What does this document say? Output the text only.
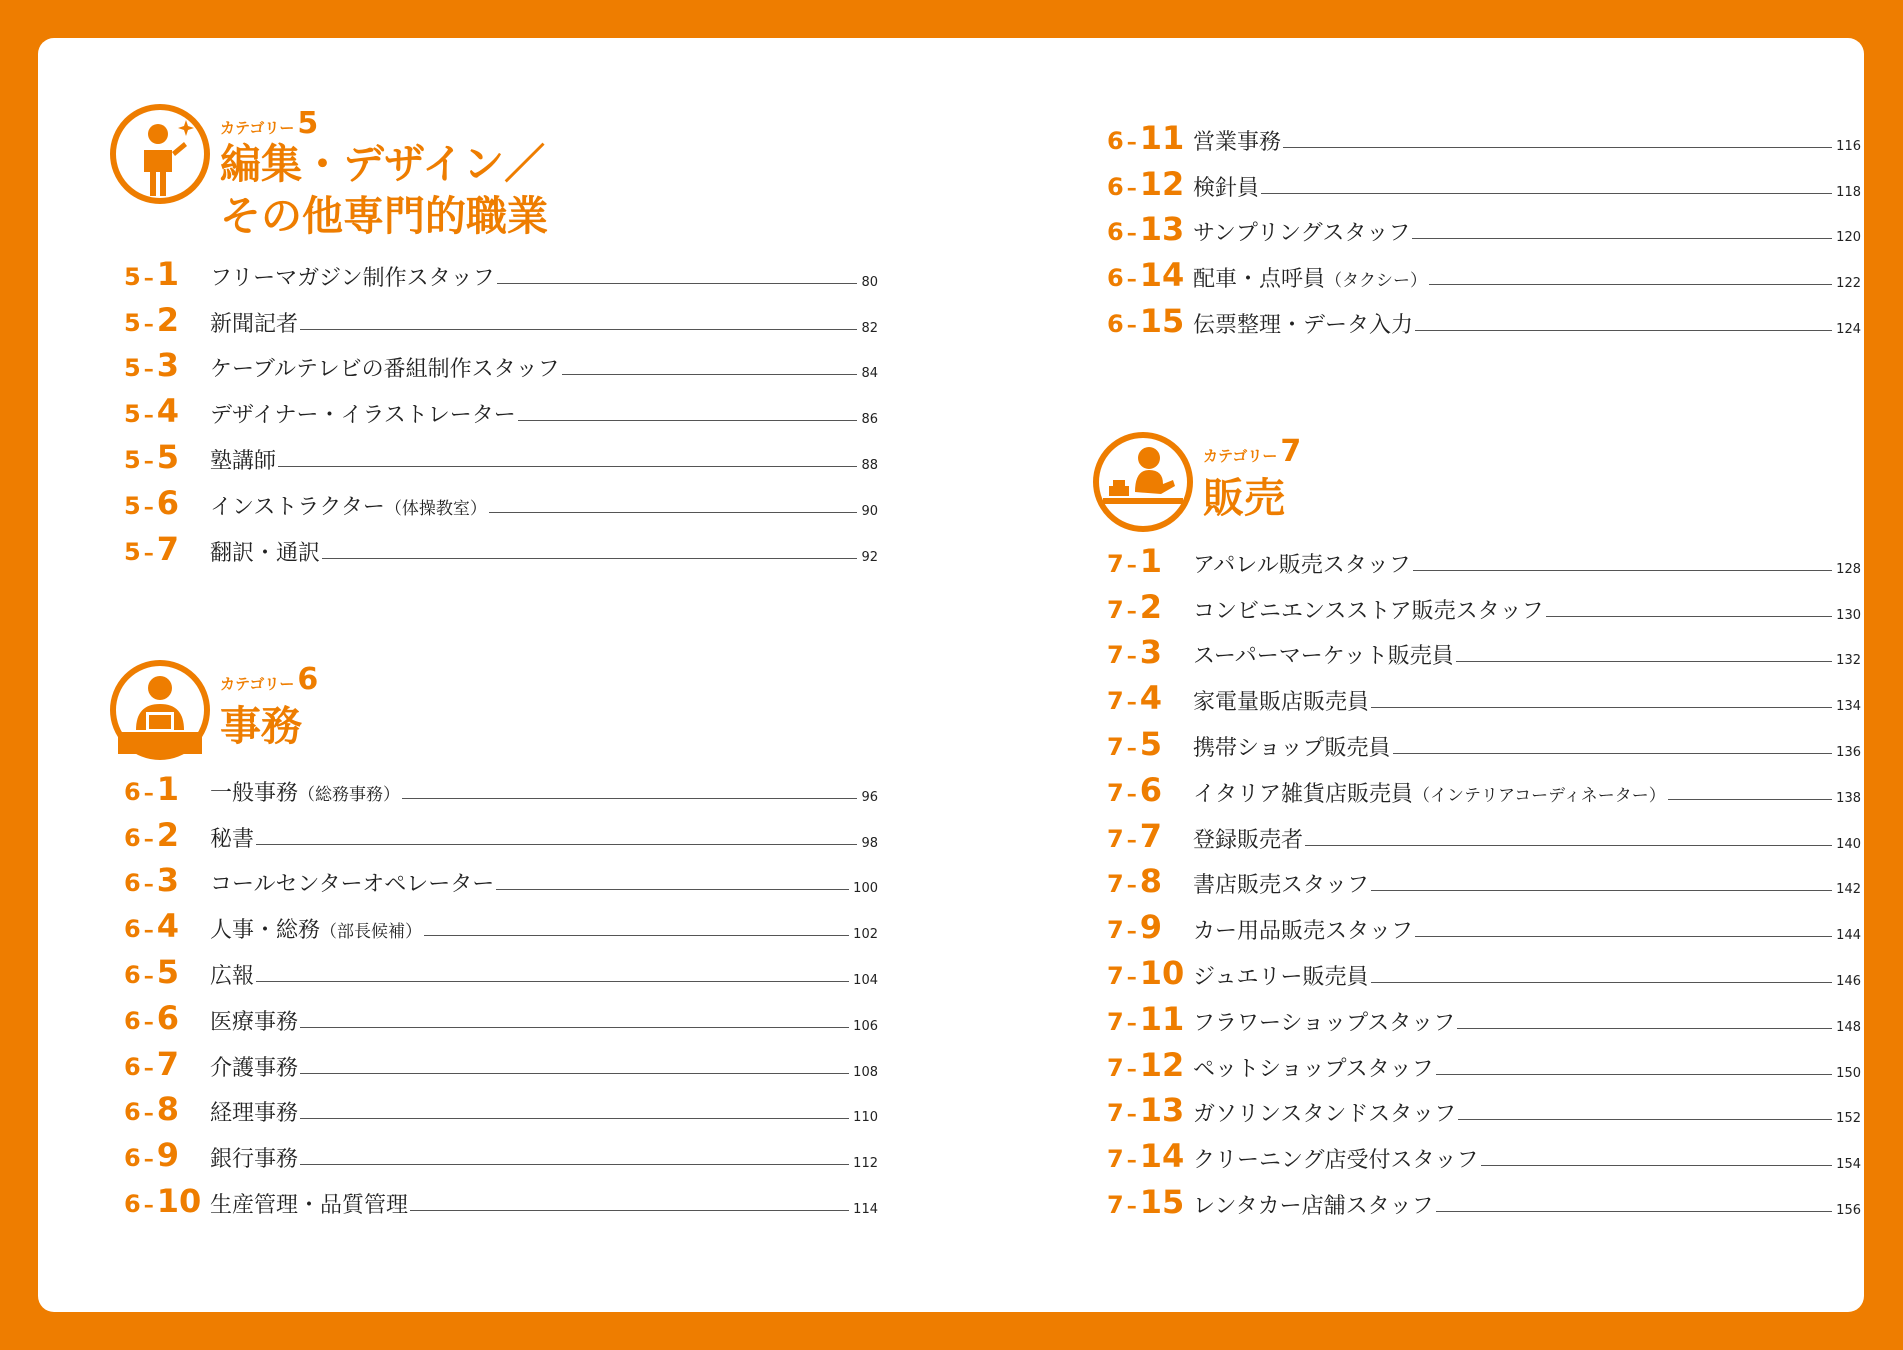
カテゴリー 5
編集・デザイン／
その他専門的職業
5 –1 フリーマガジン制作スタッフ	80
5 –2 新聞記者	82
5 –3 ケーブルテレビの番組制作スタッフ	84
5 –4 デザイナー・イラストレーター	86
5 –5 塾講師	88
5 –6 インストラクター（体操教室）	90
5 –7 翻訳・通訳	92
カテゴリー 6
事務
6 –1 一般事務（総務事務）	96
6 –2 秘書	98
6 –3 コールセンターオペレーター	100
6 –4 人事・総務（部長候補）	102
6 –5 広報	104
6 –6 医療事務	106
6 –7 介護事務	108
6 –8 経理事務	110
6 –9 銀行事務	112
6 –10 生産管理・品質管理	114
6 –11 営業事務	116
6 –12 検針員	118
6 –13 サンプリングスタッフ	120
6 –14 配車・点呼員（タクシー）	122
6 –15 伝票整理・データ入力	124
カテゴリー 7
販売
7 –1 アパレル販売スタッフ	128
7 –2 コンビニエンスストア販売スタッフ	130
7 –3 スーパーマーケット販売員	132
7 –4 家電量販店販売員	134
7 –5 携帯ショップ販売員	136
7 –6 イタリア雑貨店販売員（インテリアコーディネーター）	138
7 –7 登録販売者	140
7 –8 書店販売スタッフ	142
7 –9 カー用品販売スタッフ	144
7 –10 ジュエリー販売員	146
7 –11 フラワーショップスタッフ	148
7 –12 ペットショップスタッフ	150
7 –13 ガソリンスタンドスタッフ	152
7 –14 クリーニング店受付スタッフ	154
7 –15 レンタカー店舗スタッフ	156
